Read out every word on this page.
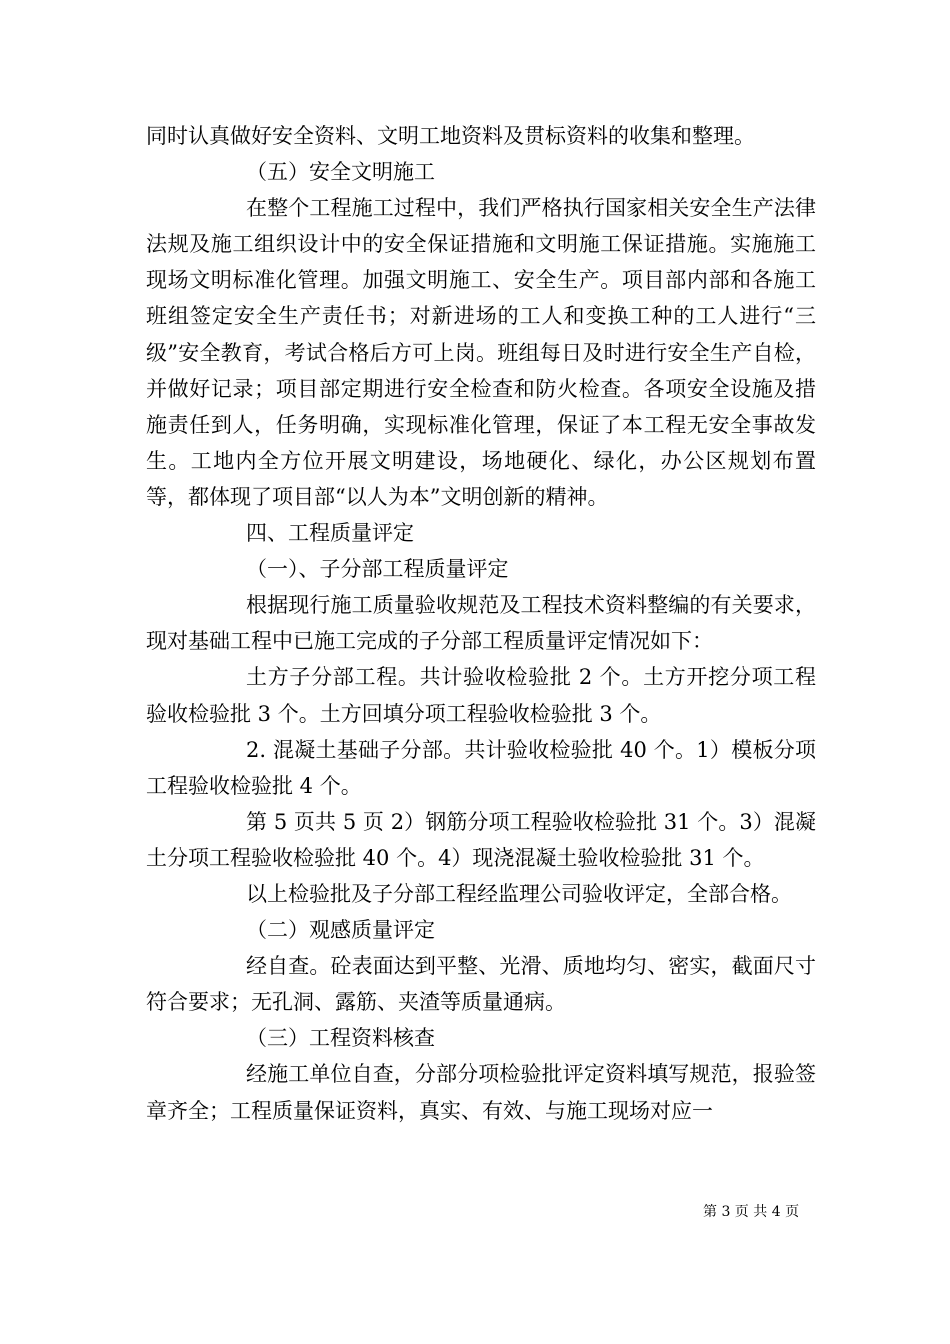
同时认真做好安全资料、文明工地资料及贯标资料的收集和整理。

（五）安全文明施工

在整个工程施工过程中，我们严格执行国家相关安全生产法律法规及施工组织设计中的安全保证措施和文明施工保证措施。实施施工现场文明标准化管理。加强文明施工、安全生产。项目部内部和各施工班组签定安全生产责任书；对新进场的工人和变换工种的工人进行“三级”安全教育，考试合格后方可上岗。班组每日及时进行安全生产自检，并做好记录；项目部定期进行安全检查和防火检查。各项安全设施及措施责任到人，任务明确，实现标准化管理，保证了本工程无安全事故发生。工地内全方位开展文明建设，场地硬化、绿化，办公区规划布置等，都体现了项目部“以人为本”文明创新的精神。

四、工程质量评定

（一）、子分部工程质量评定

根据现行施工质量验收规范及工程技术资料整编的有关要求，现对基础工程中已施工完成的子分部工程质量评定情况如下：

土方子分部工程。共计验收检验批 2 个。土方开挖分项工程验收检验批 3 个。土方回填分项工程验收检验批 3 个。

2. 混凝土基础子分部。共计验收检验批 40 个。1）模板分项工程验收检验批 4 个。

第 5 页共 5 页 2）钢筋分项工程验收检验批 31 个。3）混凝土分项工程验收检验批 40 个。4）现浇混凝土验收检验批 31 个。

以上检验批及子分部工程经监理公司验收评定，全部合格。

（二）观感质量评定

经自查。砼表面达到平整、光滑、质地均匀、密实，截面尺寸符合要求；无孔洞、露筋、夹渣等质量通病。

（三）工程资料核查

经施工单位自查，分部分项检验批评定资料填写规范，报验签章齐全；工程质量保证资料，真实、有效、与施工现场对应一

第 3 页 共 4 页
